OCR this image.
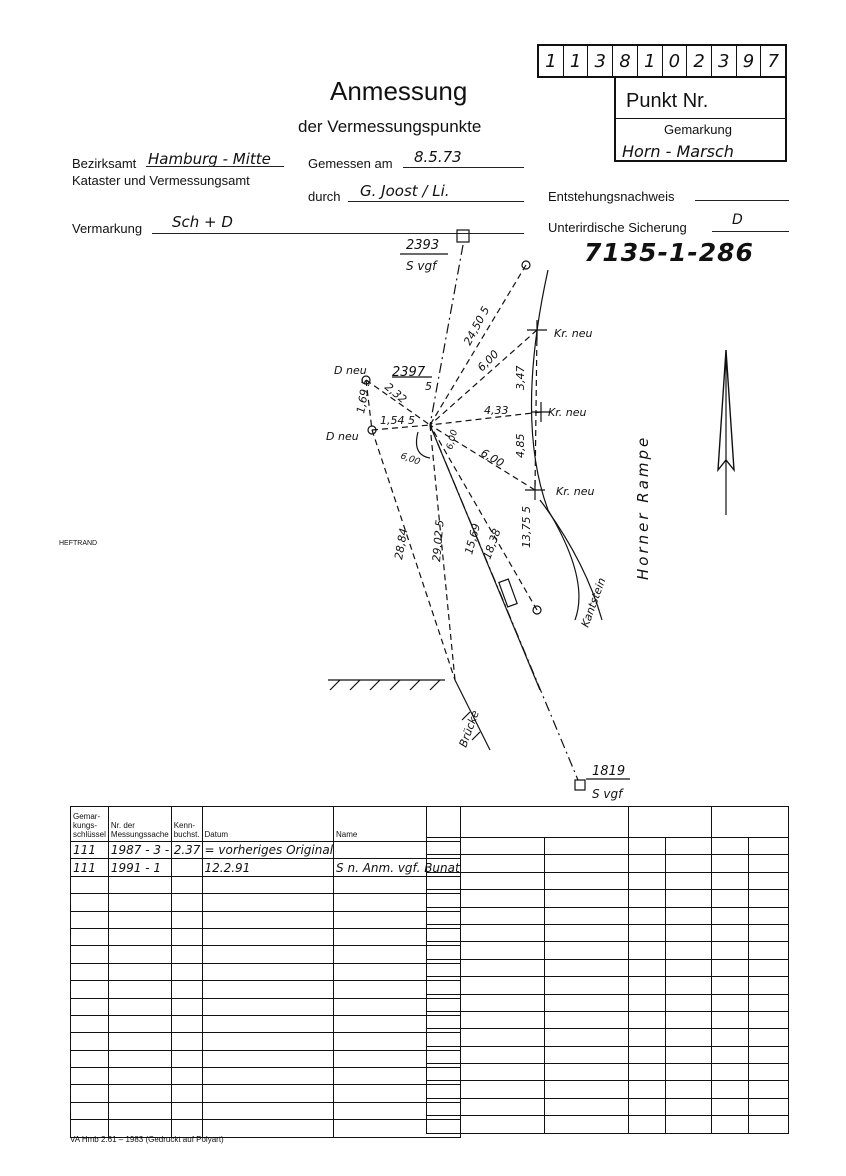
Anmessung
der Vermessungspunkte
1 1 3 8 1 0 2 3 9 7
Punkt Nr.
Gemarkung
Horn - Marsch
Bezirksamt Hamburg - Mitte
Kataster und Vermessungsamt
Gemessen am 8.5.73
durch G. Joost / Li.	Entstehungsnachweis
Vermarkung Sch + D	Unterirdische Sicherung	D
7135-1-286
HEFTRAND
2393
S vgf
2397
5
1819
S vgf
D neu
D neu
Kr. neu
Kr. neu
Kr. neu
24,50 5
6,00
3,47
4,33
4,85
6,00
6,00
6,00
1,69 5 2,32
1,54 5
28,84 29,02 5 15,69
18,38 13,75 5	Horner Rampe
Kantstein
Brücke
Gemar-kungs-schlüssel	Nr. der Messungssache	Kenn-buchst.	Datum	Name
111	1987 - 3 -	2.37	= vorheriges Original	
111	1991 - 1		12.2.91	S n. Anm. vgf. Bunat

VA Hmb 2.61 – 1983 (Gedruckt auf Polyart)
